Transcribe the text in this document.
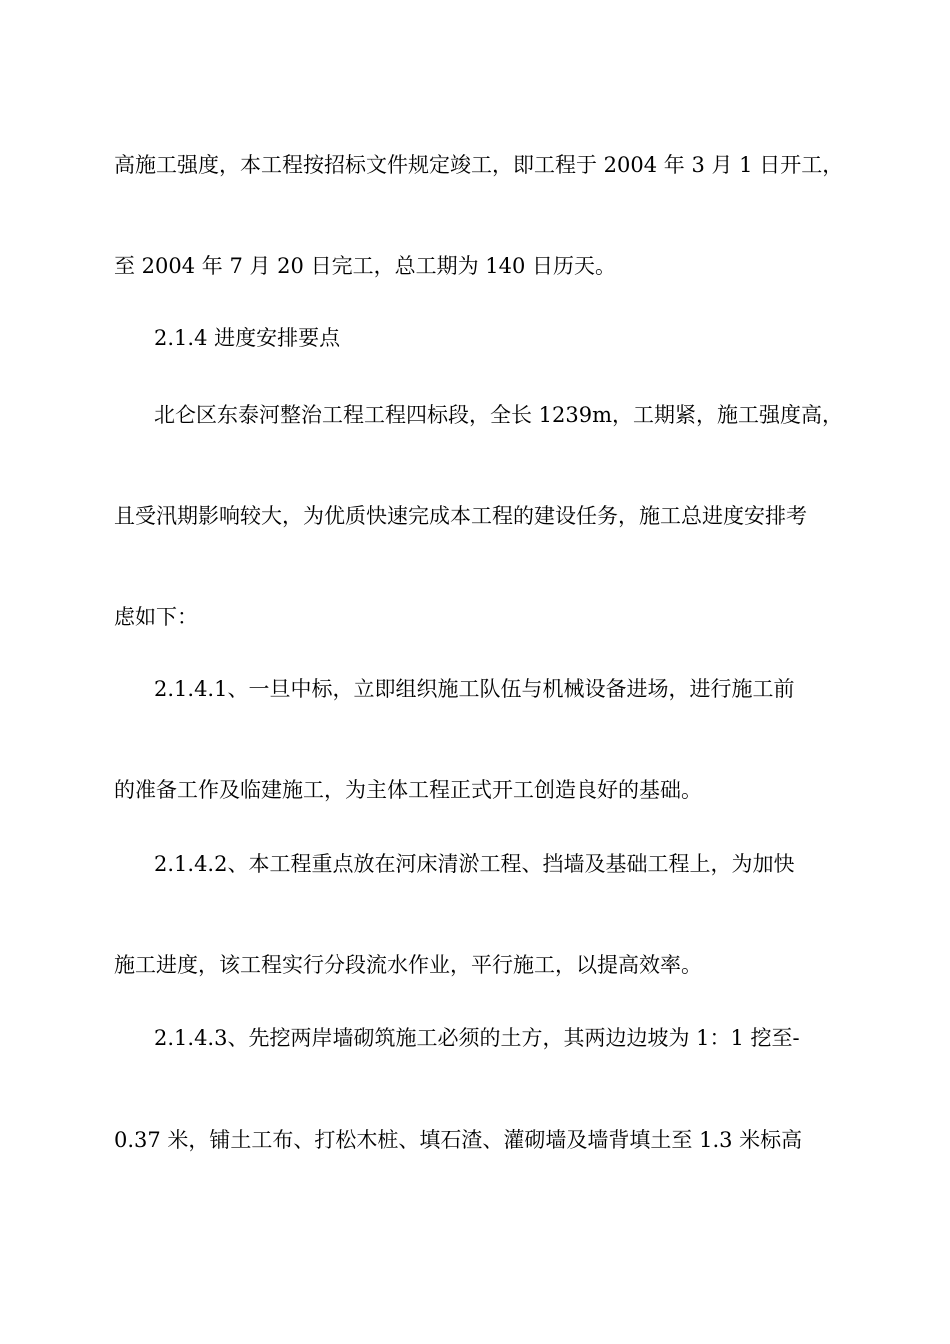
高施工强度，本工程按招标文件规定竣工，即工程于 2004 年 3 月 1 日开工，
至 2004 年 7 月 20 日完工，总工期为 140 日历天。
2.1.4 进度安排要点
北仑区东泰河整治工程工程四标段，全长 1239m，工期紧，施工强度高，
且受汛期影响较大，为优质快速完成本工程的建设任务，施工总进度安排考
虑如下：
2.1.4.1、一旦中标，立即组织施工队伍与机械设备进场，进行施工前
的准备工作及临建施工，为主体工程正式开工创造良好的基础。
2.1.4.2、本工程重点放在河床清淤工程、挡墙及基础工程上，为加快
施工进度，该工程实行分段流水作业，平行施工，以提高效率。
2.1.4.3、先挖两岸墙砌筑施工必须的土方，其两边边坡为 1：1 挖至-
0.37 米，铺土工布、打松木桩、填石渣、灌砌墙及墙背填土至 1.3 米标高
